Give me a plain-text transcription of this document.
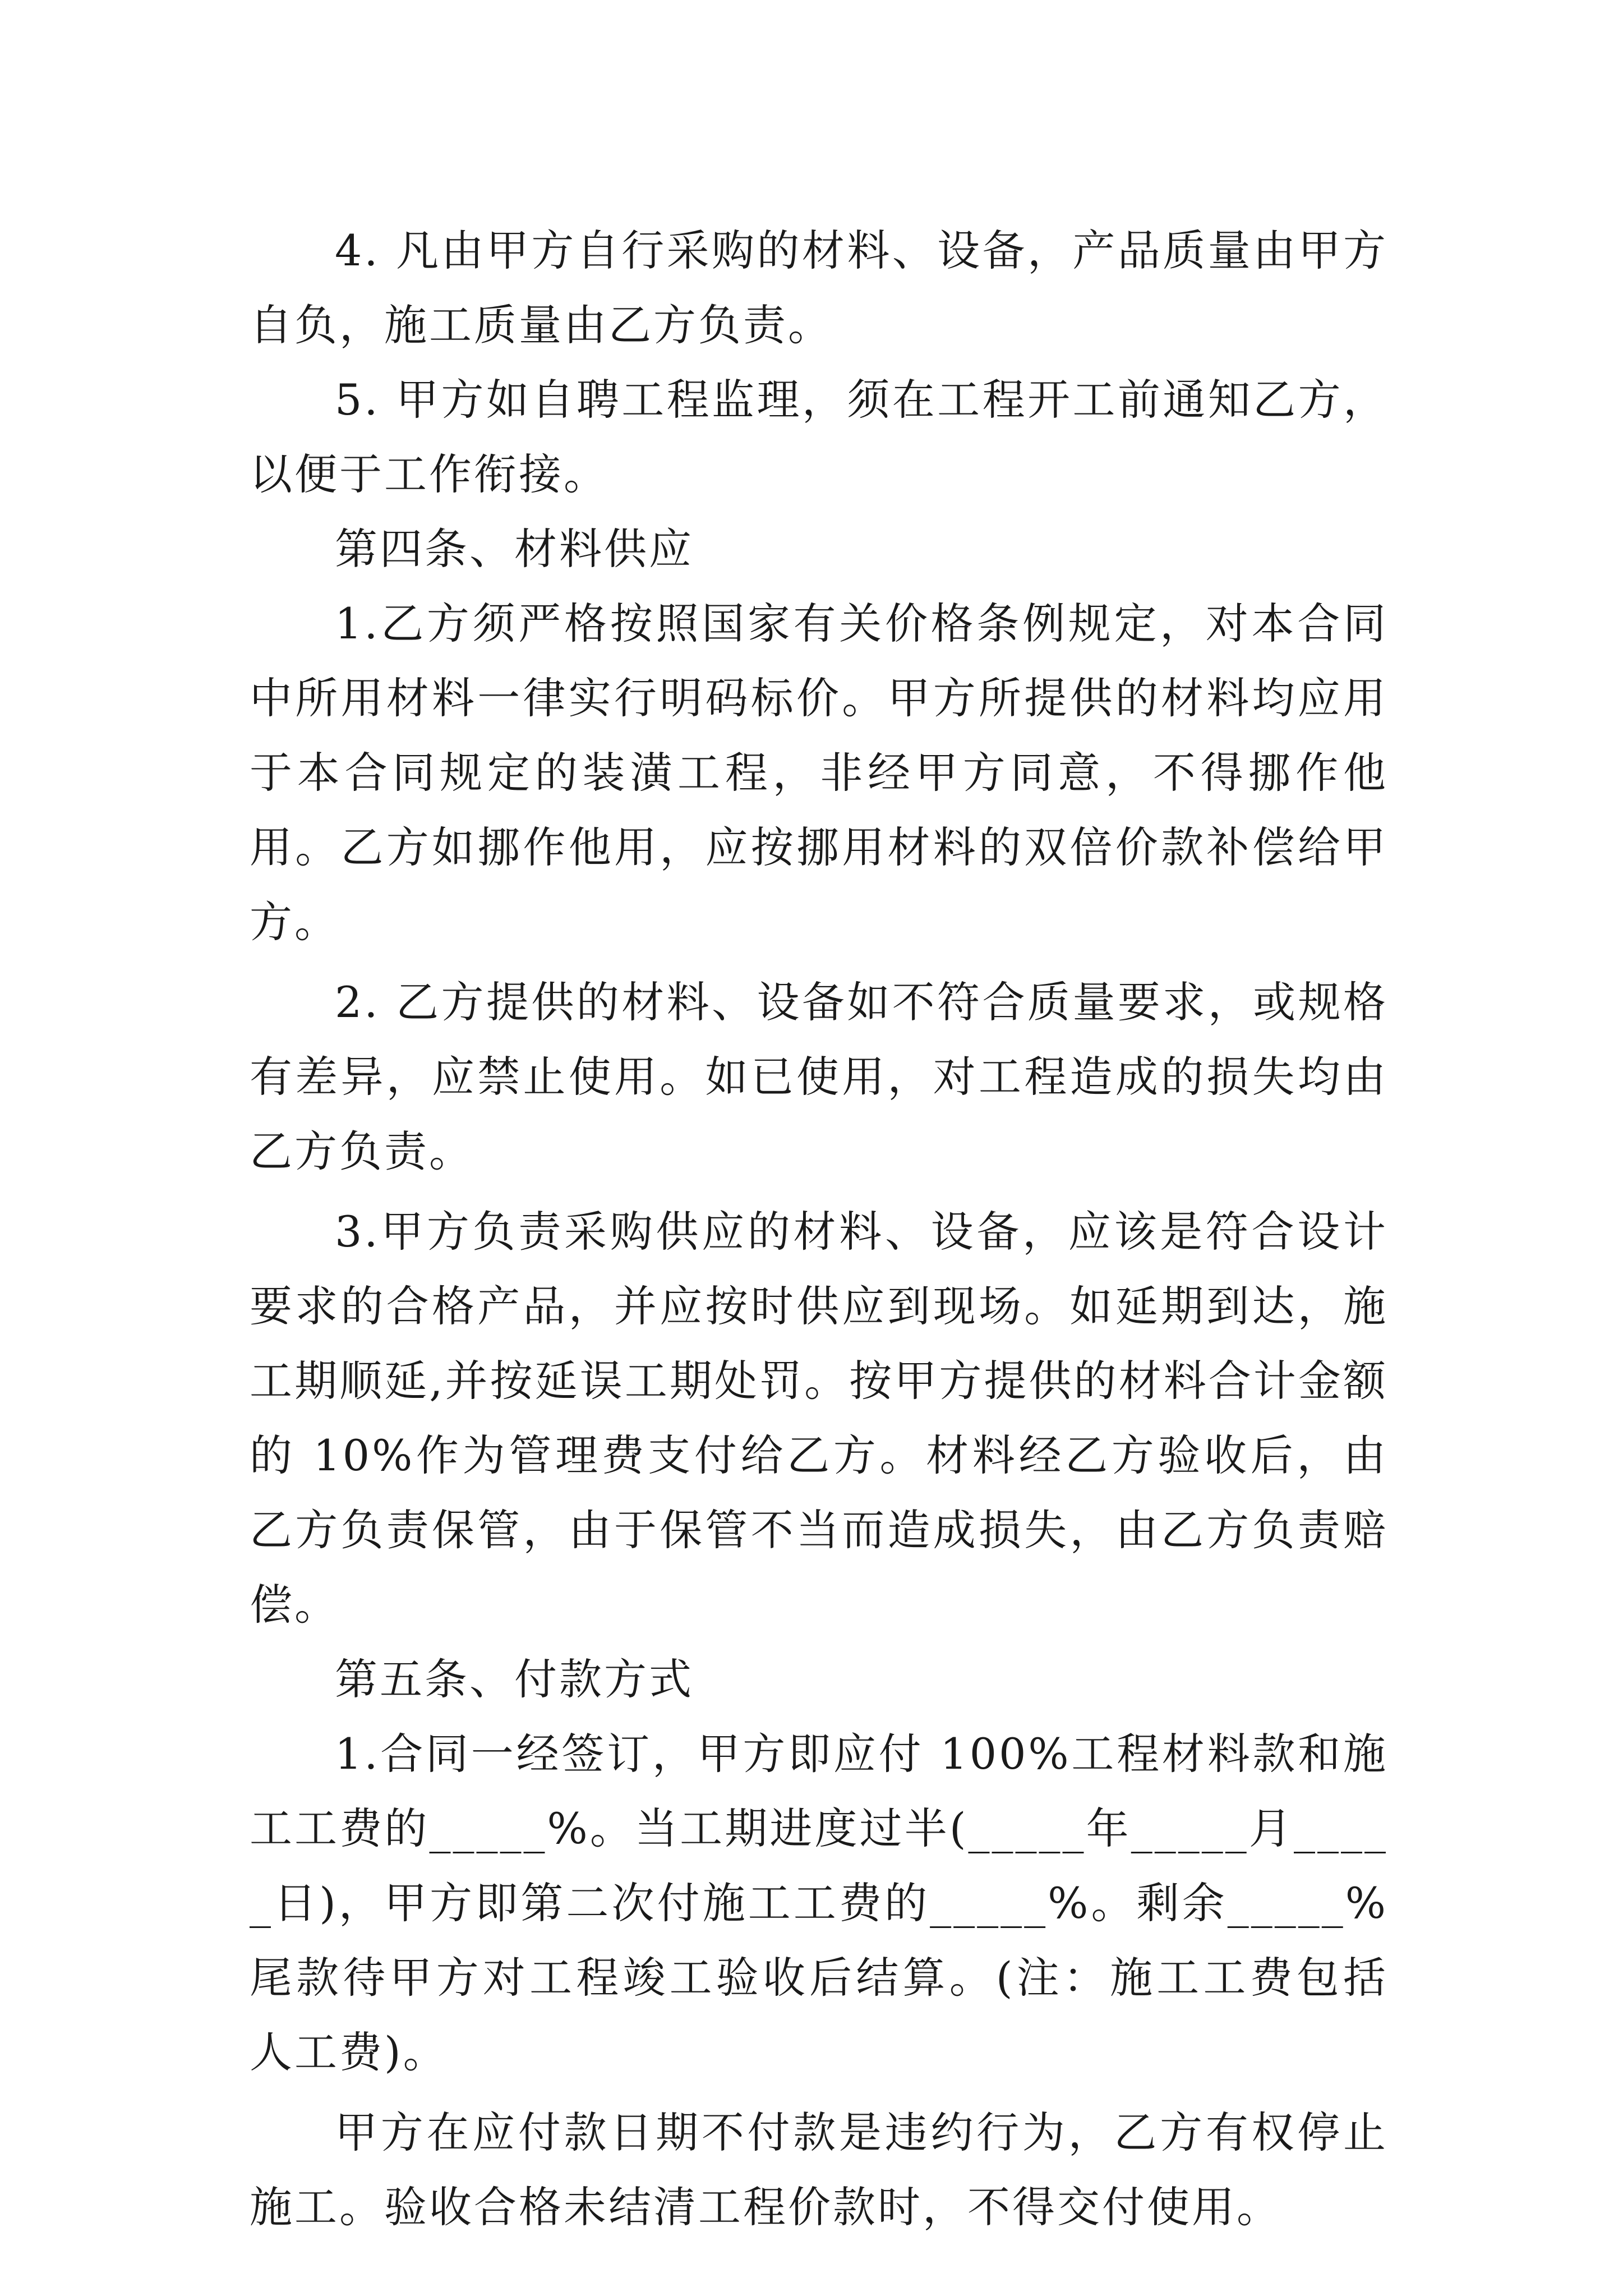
4. 凡由甲方自行采购的材料、设备，产品质量由甲方自负，施工质量由乙方负责。

5. 甲方如自聘工程监理，须在工程开工前通知乙方，以便于工作衔接。

第四条、材料供应

1.乙方须严格按照国家有关价格条例规定，对本合同中所用材料一律实行明码标价。甲方所提供的材料均应用于本合同规定的装潢工程，非经甲方同意，不得挪作他用。乙方如挪作他用，应按挪用材料的双倍价款补偿给甲方。

2. 乙方提供的材料、设备如不符合质量要求，或规格有差异，应禁止使用。如已使用，对工程造成的损失均由乙方负责。

3.甲方负责采购供应的材料、设备，应该是符合设计要求的合格产品，并应按时供应到现场。如延期到达，施工期顺延,并按延误工期处罚。按甲方提供的材料合计金额的 10%作为管理费支付给乙方。材料经乙方验收后，由乙方负责保管，由于保管不当而造成损失，由乙方负责赔偿。

第五条、付款方式

1.合同一经签订，甲方即应付 100%工程材料款和施工工费的_____%。当工期进度过半(_____年_____月_____日)，甲方即第二次付施工工费的_____%。剩余_____%尾款待甲方对工程竣工验收后结算。(注：施工工费包括人工费)。

甲方在应付款日期不付款是违约行为，乙方有权停止施工。验收合格未结清工程价款时，不得交付使用。
